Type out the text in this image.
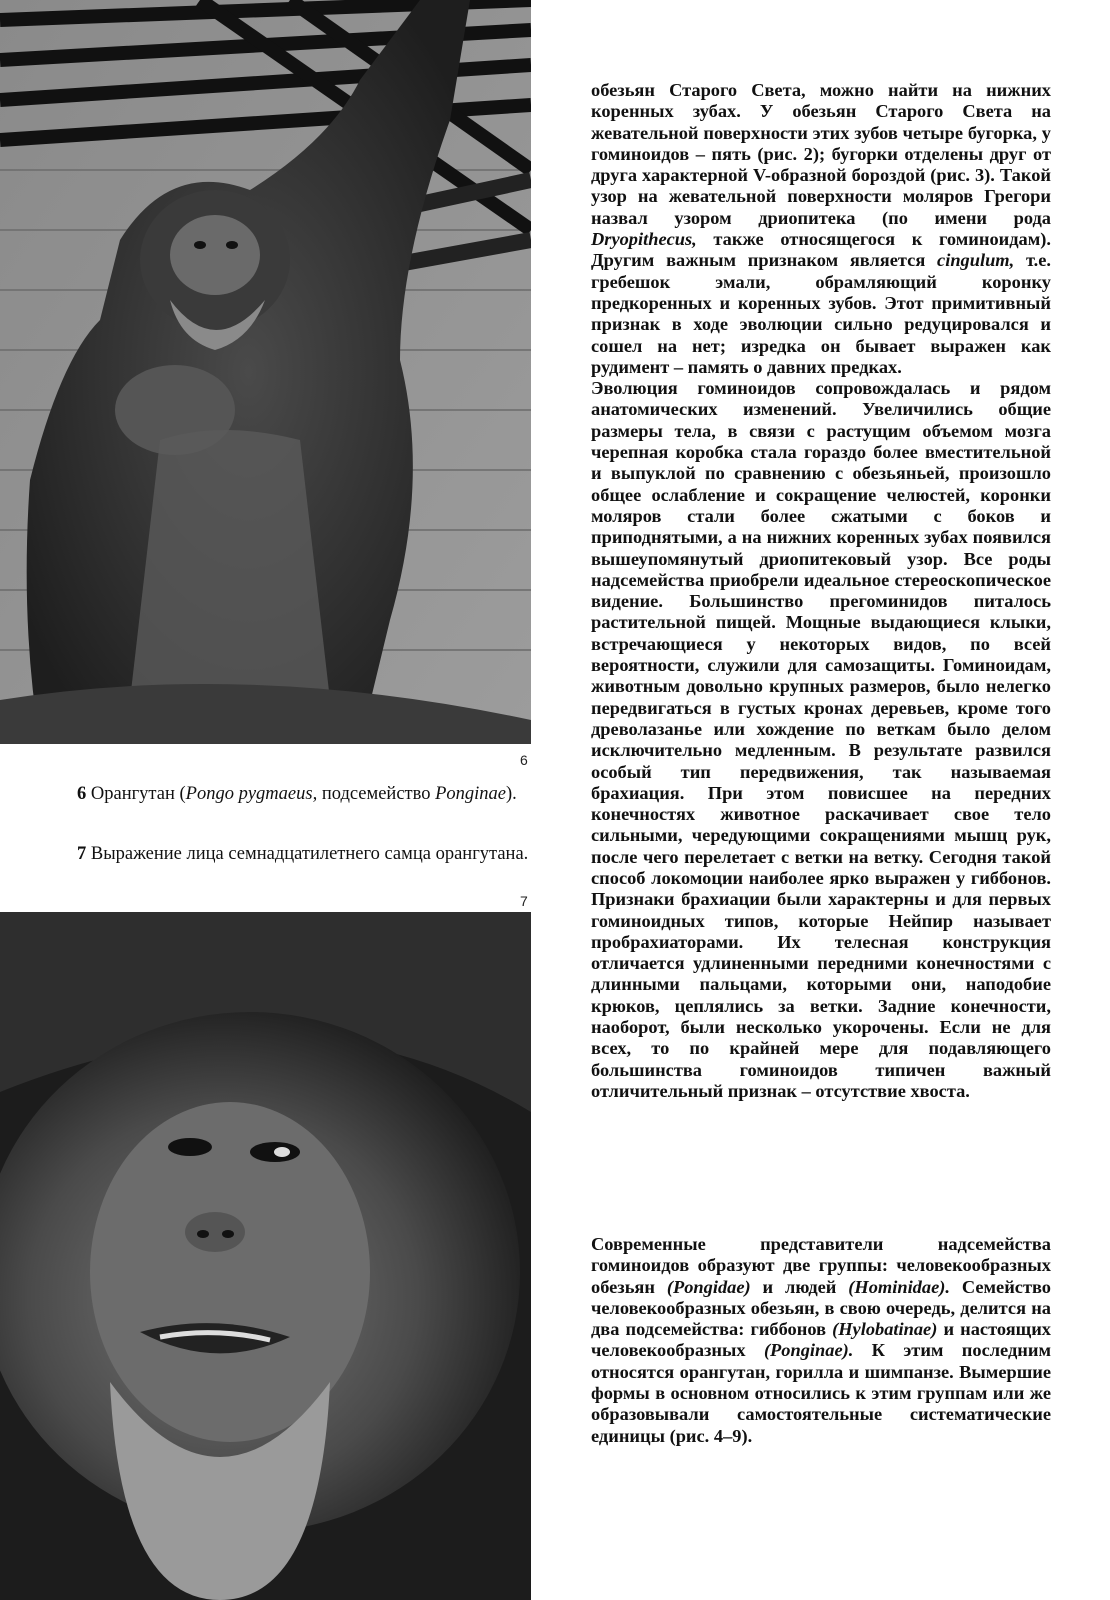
6
6 Орангутан (Pongo pygmaeus, подсемейство Ponginae).
7 Выражение лица семнадцатилетнего самца орангутана.
7

обезьян Старого Света, можно найти на нижних коренных зубах. У обезьян Старого Света на жевательной поверхности этих зубов четыре бугорка, у гоминоидов – пять (рис. 2); бугорки отделены друг от друга характерной V-образной бороздой (рис. 3). Такой узор на жевательной поверхности моляров Грегори назвал узором дриопитека (по имени рода Dryopithecus, также относящегося к гоминоидам). Другим важным признаком является cingulum, т.е. гребешок эмали, обрамляющий коронку предкоренных и коренных зубов. Этот примитивный признак в ходе эволюции сильно редуцировался и сошел на нет; изредка он бывает выражен как рудимент – память о давних предках.

Эволюция гоминоидов сопровождалась и рядом анатомических изменений. Увеличились общие размеры тела, в связи с растущим объемом мозга черепная коробка стала гораздо более вместительной и выпуклой по сравнению с обезьяньей, произошло общее ослабление и сокращение челюстей, коронки моляров стали более сжатыми с боков и приподнятыми, а на нижних коренных зубах появился вышеупомянутый дриопитековый узор. Все роды надсемейства приобрели идеальное стереоскопическое видение. Большинство прегоминидов питалось растительной пищей. Мощные выдающиеся клыки, встречающиеся у некоторых видов, по всей вероятности, служили для самозащиты. Гоминоидам, животным довольно крупных размеров, было нелегко передвигаться в густых кронах деревьев, кроме того древолазанье или хождение по веткам было делом исключительно медленным. В результате развился особый тип передвижения, так называемая брахиация. При этом повисшее на передних конечностях животное раскачивает свое тело сильными, чередующими сокращениями мышц рук, после чего перелетает с ветки на ветку. Сегодня такой способ локомоции наиболее ярко выражен у гиббонов. Признаки брахиации были характерны и для первых гоминоидных типов, которые Нейпир называет пробрахиаторами. Их телесная конструкция отличается удлиненными передними конечностями с длинными пальцами, которыми они, наподобие крюков, цеплялись за ветки. Задние конечности, наоборот, были несколько укорочены. Если не для всех, то по крайней мере для подавляющего большинства гоминоидов типичен важный отличительный признак – отсутствие хвоста.

Современные представители надсемейства гоминоидов образуют две группы: человекообразных обезьян (Pongidae) и людей (Hominidae). Семейство человекообразных обезьян, в свою очередь, делится на два подсемейства: гиббонов (Hylobatinae) и настоящих человекообразных (Ponginae). К этим последним относятся орангутан, горилла и шимпанзе. Вымершие формы в основном относились к этим группам или же образовывали самостоятельные систематические единицы (рис. 4–9).
